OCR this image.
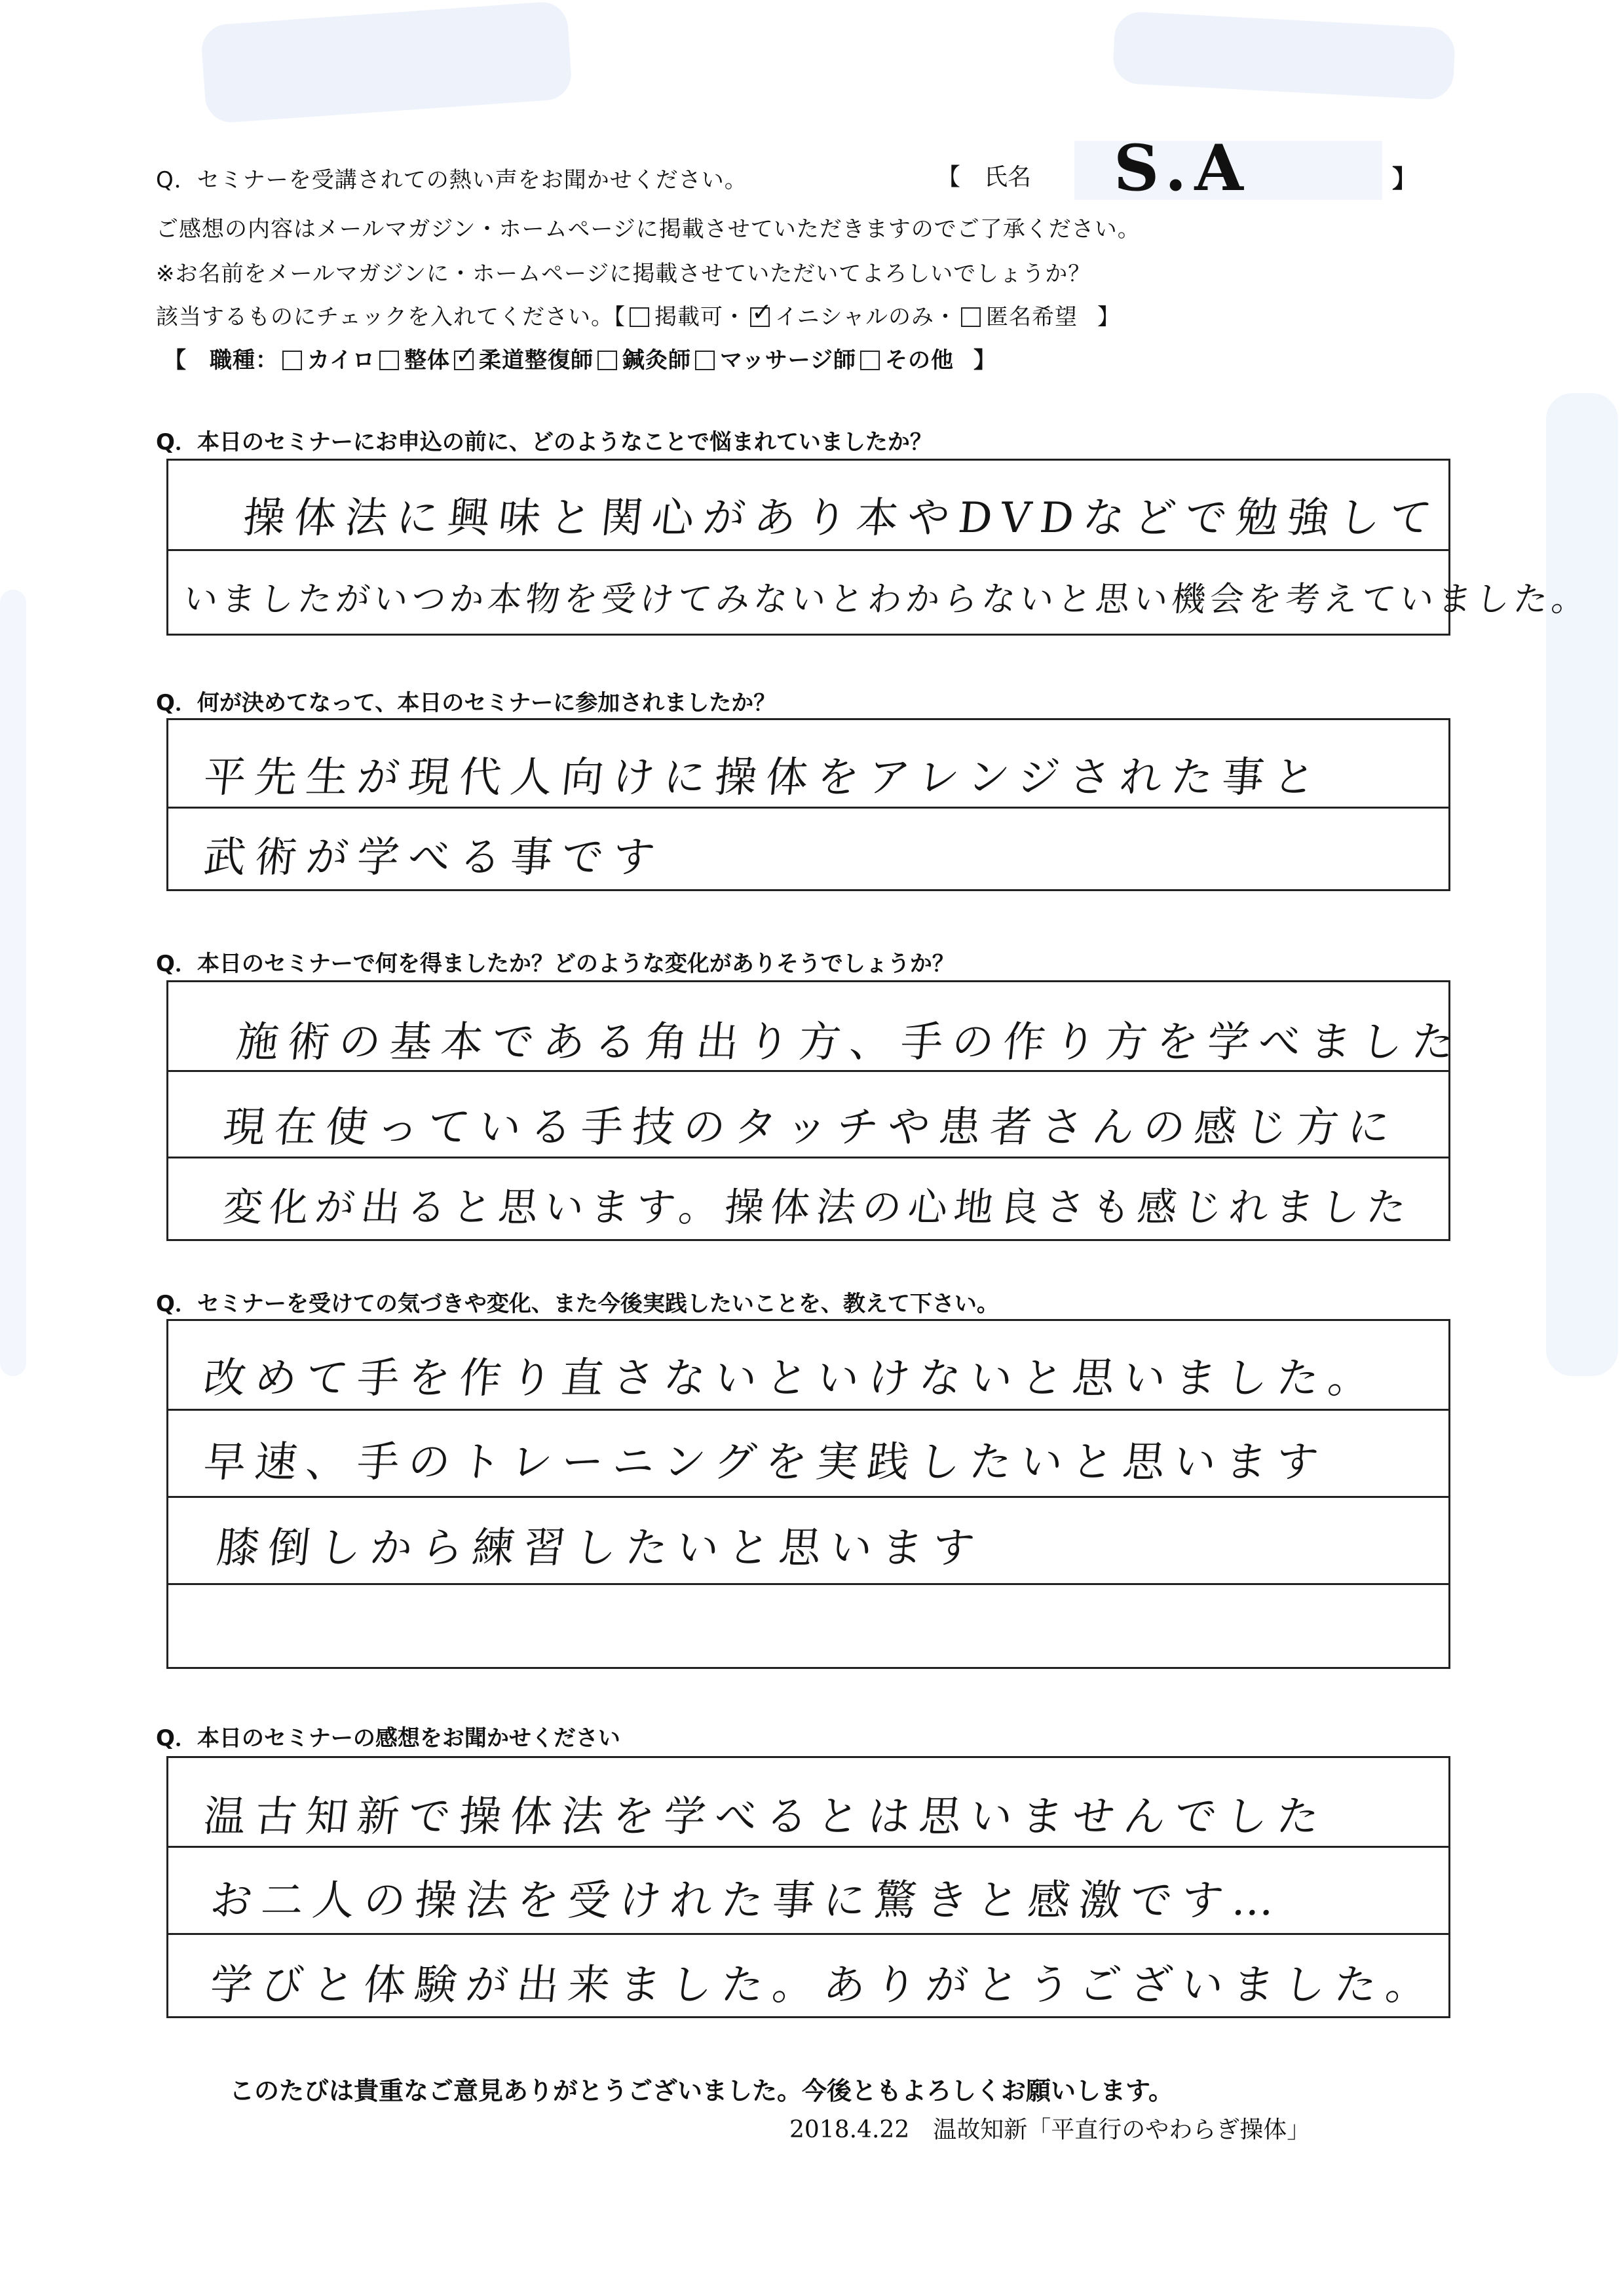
Q．セミナーを受講されての熱い声をお聞かせください。	【　氏名 S.A	】
ご感想の内容はメールマガジン・ホームページに掲載させていただきますのでご了承ください。
※お名前をメールマガジンに・ホームページに掲載させていただいてよろしいでしょうか？
該当するものにチェックを入れてください。【 掲載可・ ✓ イニシャルのみ・ 匿名希望 】
【　職種： カイロ 整体 ✓ 柔道整復師 鍼灸師 マッサージ師 その他 】
Q．本日のセミナーにお申込の前に、どのようなことで悩まれていましたか？
操体法に興味と関心があり本やDVDなどで勉強して
いましたがいつか本物を受けてみないとわからないと思い機会を考えていました。
Q．何が決めてなって、本日のセミナーに参加されましたか？
平先生が現代人向けに操体をアレンジされた事と
武術が学べる事です
Q．本日のセミナーで何を得ましたか？どのような変化がありそうでしょうか？
施術の基本である角出り方、手の作り方を学べました
現在使っている手技のタッチや患者さんの感じ方に
変化が出ると思います。操体法の心地良さも感じれました
Q．セミナーを受けての気づきや変化、また今後実践したいことを、教えて下さい。
改めて手を作り直さないといけないと思いました。
早速、手のトレーニングを実践したいと思います
膝倒しから練習したいと思います
Q．本日のセミナーの感想をお聞かせください
温古知新で操体法を学べるとは思いませんでした
お二人の操法を受けれた事に驚きと感激です…
学びと体験が出来ました。ありがとうございました。
このたびは貴重なご意見ありがとうございました。今後ともよろしくお願いします。
2018.4.22　温故知新「平直行のやわらぎ操体」
